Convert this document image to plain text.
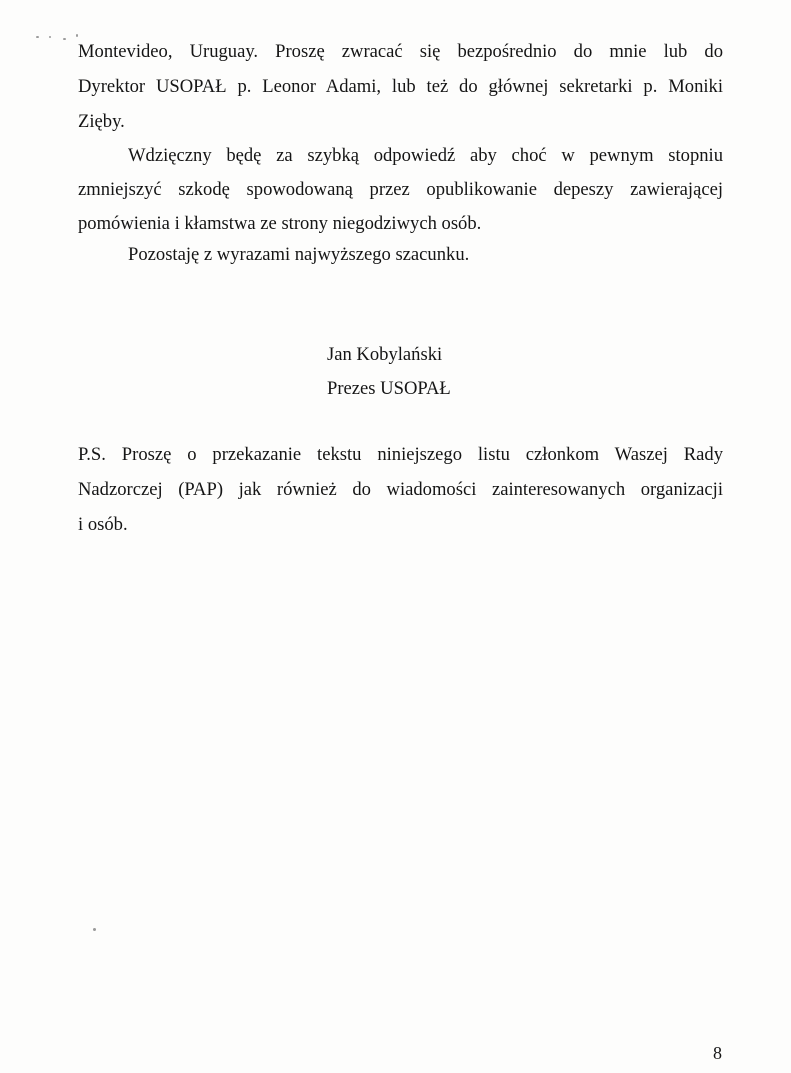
Montevideo, Uruguay. Proszę zwracać się bezpośrednio do mnie lub do
Dyrektor USOPAŁ p. Leonor Adami, lub też do głównej sekretarki p. Moniki
Zięby.
Wdzięczny będę za szybką odpowiedź aby choć w pewnym stopniu
zmniejszyć szkodę spowodowaną przez opublikowanie depeszy zawierającej
pomówienia i kłamstwa ze strony niegodziwych osób.
Pozostaję z wyrazami najwyższego szacunku.
Jan Kobylański
Prezes USOPAŁ
P.S. Proszę o przekazanie tekstu niniejszego listu członkom Waszej Rady
Nadzorczej (PAP) jak również do wiadomości zainteresowanych organizacji
i osób.
8
